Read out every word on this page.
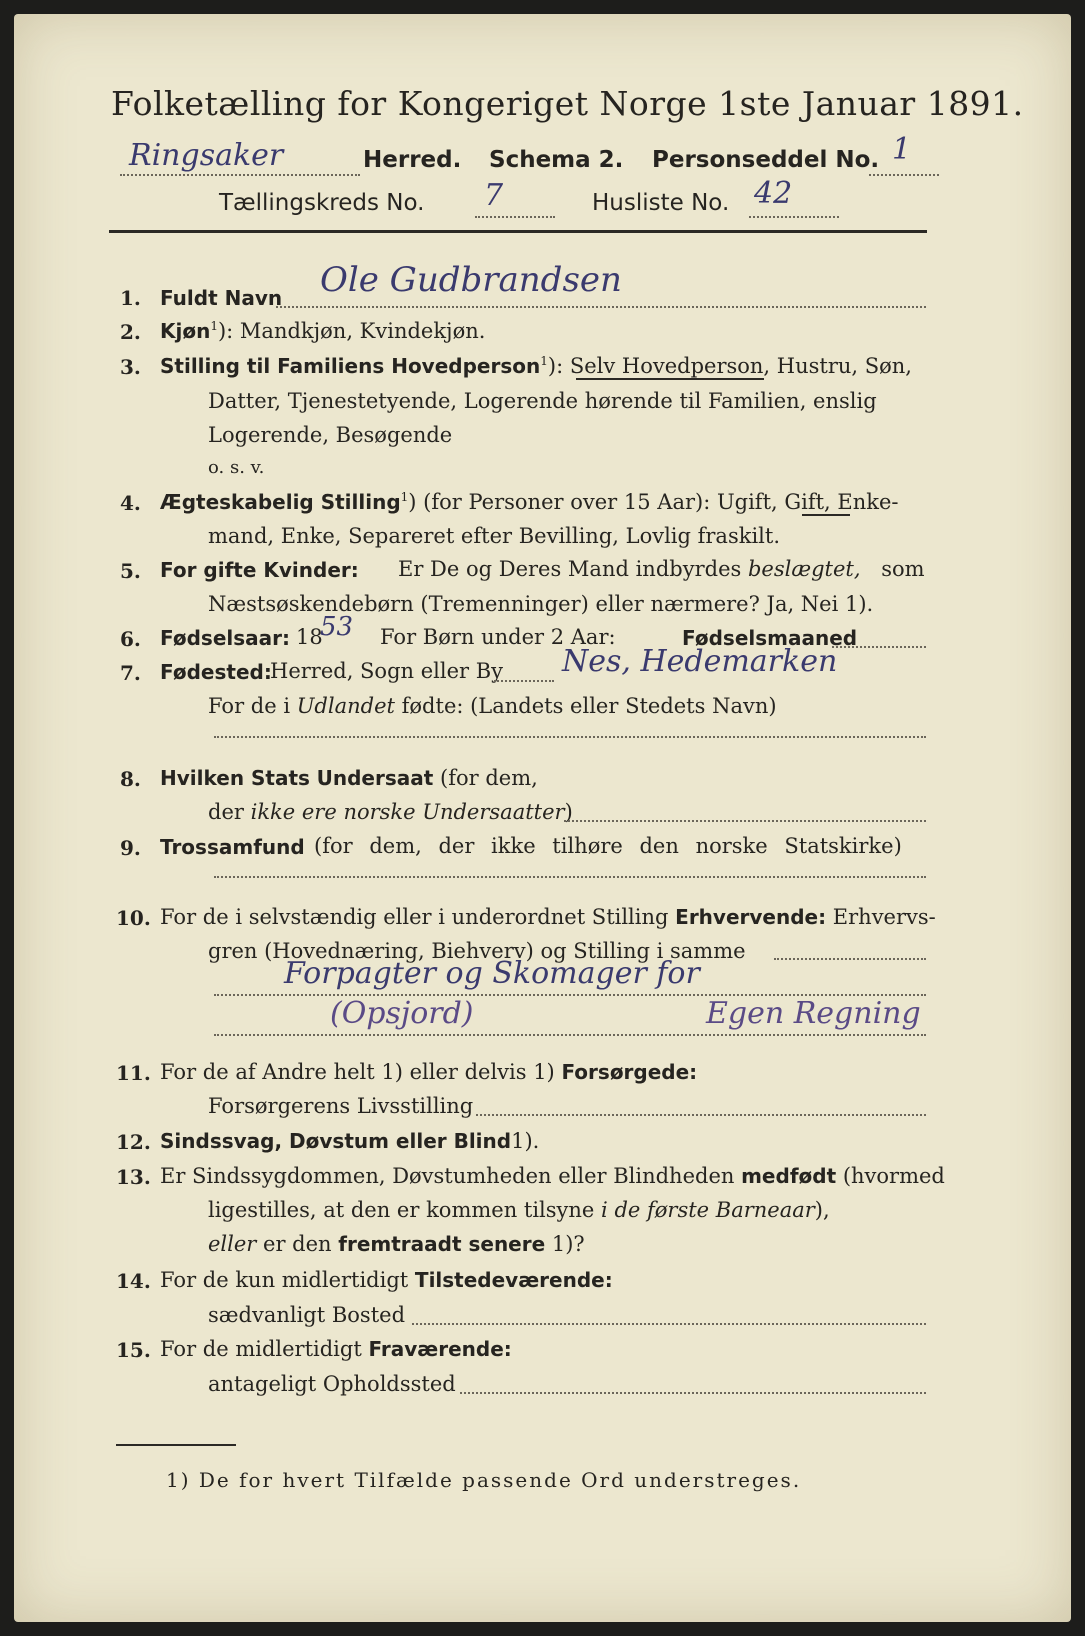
Folketælling for Kongeriget Norge 1ste Januar 1891.
Ringsaker	Herred. Schema 2. Personseddel No. 1
Tællingskreds No. 7	Husliste No. 42
1. Fuldt Navn Ole Gudbrandsen
2. Kjøn$^1$): Mandkjøn, Kvindekjøn.
3. Stilling til Familiens Hovedperson$^1$): Selv Hovedperson, Hustru, Søn,
Datter, Tjenestetyende, Logerende hørende til Familien, enslig
Logerende, Besøgende
o. s. v.
4. Ægteskabelig Stilling$^1$) (for Personer over 15 Aar): Ugift, Gift, Enke-
mand, Enke, Separeret efter Bevilling, Lovlig fraskilt.
5. For gifte Kvinder: Er De og Deres Mand indbyrdes beslægtet, som
Næstsøskendebørn (Tremenninger) eller nærmere? Ja, Nei 1).
6. Fødselsaar: 18
53 For Børn under 2 Aar:	Fødselsmaaned
7. Fødested:
Herred, Sogn eller By Nes, Hedemarken
For de i Udlandet fødte: (Landets eller Stedets Navn)
8. Hvilken Stats Undersaat (for dem,
der ikke ere norske Undersaatter)
9. Trossamfund (for dem, der ikke tilhøre den norske Statskirke)
10. For de i selvstændig eller i underordnet Stilling Erhvervende: Erhvervs-
gren (Hovednæring, Biehverv) og Stilling i samme
Forpagter og Skomager for
(Opsjord)	Egen Regning
11. For de af Andre helt 1) eller delvis 1) Forsørgede:
Forsørgerens Livsstilling
12. Sindssvag, Døvstum eller Blind1).
13. Er Sindssygdommen, Døvstumheden eller Blindheden medfødt (hvormed
ligestilles, at den er kommen tilsyne i de første Barneaar),
eller er den fremtraadt senere 1)?
14. For de kun midlertidigt Tilstedeværende:
sædvanligt Bosted
15. For de midlertidigt Fraværende:
antageligt Opholdssted
1) De for hvert Tilfælde passende Ord understreges.
